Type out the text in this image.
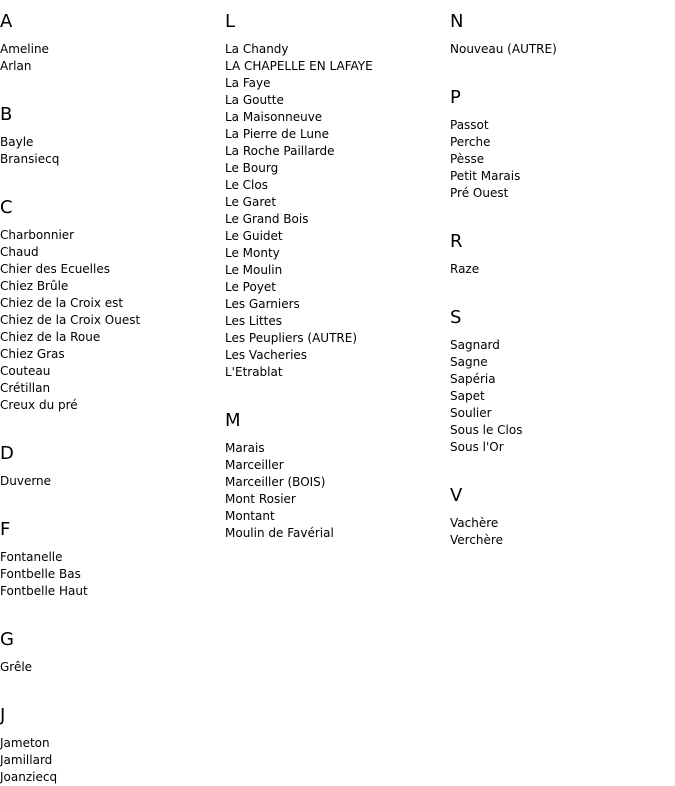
A
Ameline
Arlan
B
Bayle
Bransiecq
C
Charbonnier
Chaud
Chier des Ecuelles
Chiez Brûle
Chiez de la Croix est
Chiez de la Croix Ouest
Chiez de la Roue
Chiez Gras
Couteau
Crétillan
Creux du pré
D
Duverne
F
Fontanelle
Fontbelle Bas
Fontbelle Haut
G
Grêle
J
Jameton
Jamillard
Joanziecq
L
La Chandy
LA CHAPELLE EN LAFAYE
La Faye
La Goutte
La Maisonneuve
La Pierre de Lune
La Roche Paillarde
Le Bourg
Le Clos
Le Garet
Le Grand Bois
Le Guidet
Le Monty
Le Moulin
Le Poyet
Les Garniers
Les Littes
Les Peupliers (AUTRE)
Les Vacheries
L'Etrablat
M
Marais
Marceiller
Marceiller (BOIS)
Mont Rosier
Montant
Moulin de Favérial
N
Nouveau (AUTRE)
P
Passot
Perche
Pèsse
Petit Marais
Pré Ouest
R
Raze
S
Sagnard
Sagne
Sapéria
Sapet
Soulier
Sous le Clos
Sous l'Or
V
Vachère
Verchère
